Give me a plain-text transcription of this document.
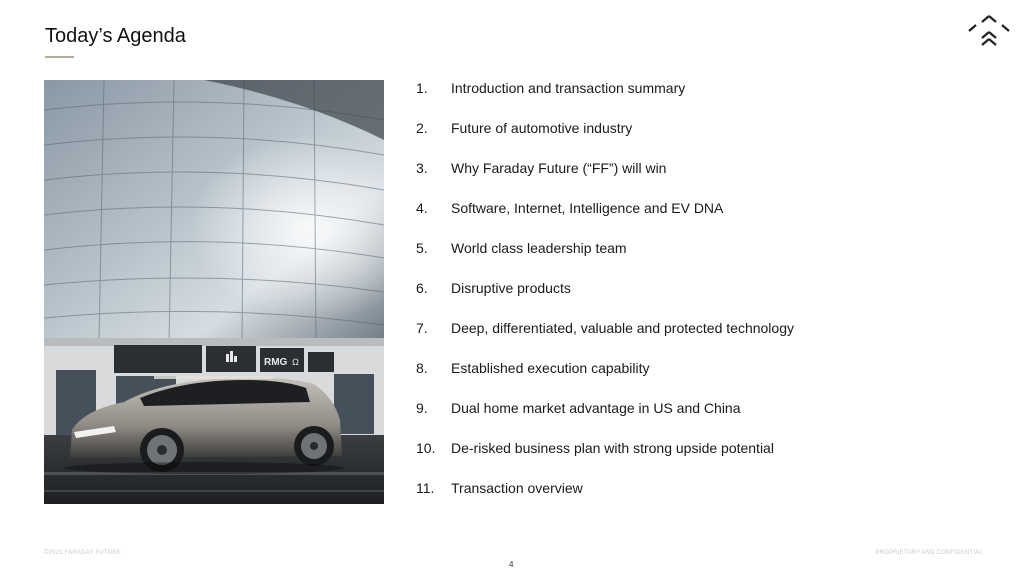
Today’s Agenda
RMG Ω
1. Introduction and transaction summary
2. Future of automotive industry
3. Why Faraday Future (“FF”) will win
4. Software, Internet, Intelligence and EV DNA
5. World class leadership team
6. Disruptive products
7. Deep, differentiated, valuable and protected technology
8. Established execution capability
9. Dual home market advantage in US and China
10. De-risked business plan with strong upside potential
11. Transaction overview
©2021 FARADAY FUTURE	PROPRIETARY AND CONFIDENTIAL
4
